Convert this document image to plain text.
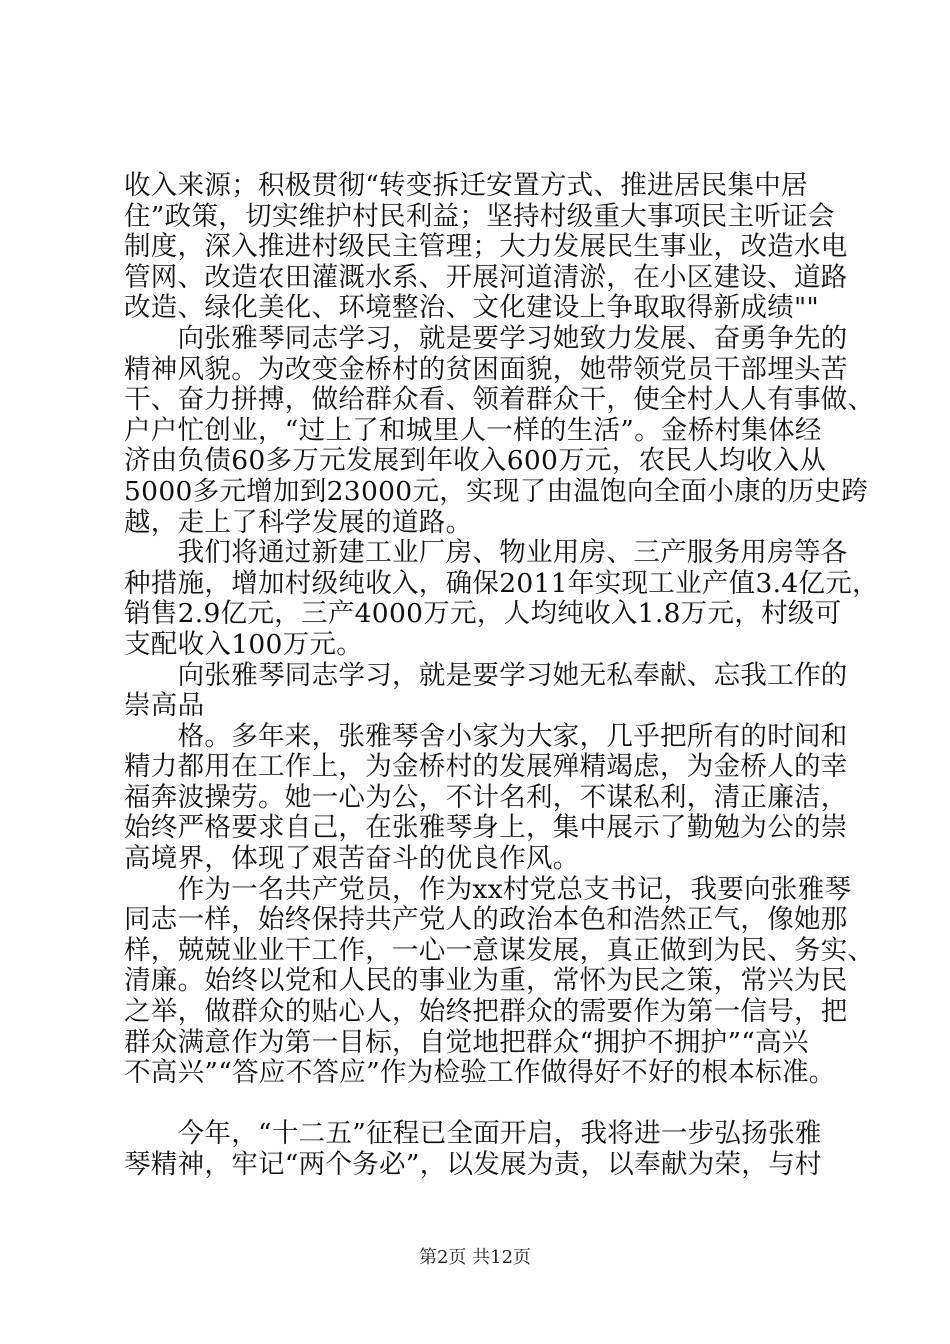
收入来源；积极贯彻“转变拆迁安置方式、推进居民集中居
住”政策，切实维护村民利益；坚持村级重大事项民主听证会
制度，深入推进村级民主管理；大力发展民生事业，改造水电
管网、改造农田灌溉水系、开展河道清淤，在小区建设、道路
改造、绿化美化、环境整治、文化建设上争取取得新成绩""
　　向张雅琴同志学习，就是要学习她致力发展、奋勇争先的
精神风貌。为改变金桥村的贫困面貌，她带领党员干部埋头苦
干、奋力拼搏，做给群众看、领着群众干，使全村人人有事做、
户户忙创业，“过上了和城里人一样的生活”。金桥村集体经
济由负债60多万元发展到年收入600万元，农民人均收入从
5000多元增加到23000元，实现了由温饱向全面小康的历史跨
越，走上了科学发展的道路。
　　我们将通过新建工业厂房、物业用房、三产服务用房等各
种措施，增加村级纯收入，确保2011年实现工业产值3.4亿元，
销售2.9亿元，三产4000万元，人均纯收入1.8万元，村级可
支配收入100万元。
　　向张雅琴同志学习，就是要学习她无私奉献、忘我工作的
崇高品
　　格。多年来，张雅琴舍小家为大家，几乎把所有的时间和
精力都用在工作上，为金桥村的发展殚精竭虑，为金桥人的幸
福奔波操劳。她一心为公，不计名利，不谋私利，清正廉洁，
始终严格要求自己，在张雅琴身上，集中展示了勤勉为公的崇
高境界，体现了艰苦奋斗的优良作风。
　　作为一名共产党员，作为xx村党总支书记，我要向张雅琴
同志一样，始终保持共产党人的政治本色和浩然正气，像她那
样，兢兢业业干工作，一心一意谋发展，真正做到为民、务实、
清廉。始终以党和人民的事业为重，常怀为民之策，常兴为民
之举，做群众的贴心人，始终把群众的需要作为第一信号，把
群众满意作为第一目标，自觉地把群众“拥护不拥护”“高兴
不高兴”“答应不答应”作为检验工作做得好不好的根本标准。
　　今年，“十二五”征程已全面开启，我将进一步弘扬张雅
琴精神，牢记“两个务必”，以发展为责，以奉献为荣，与村
第2页 共12页
